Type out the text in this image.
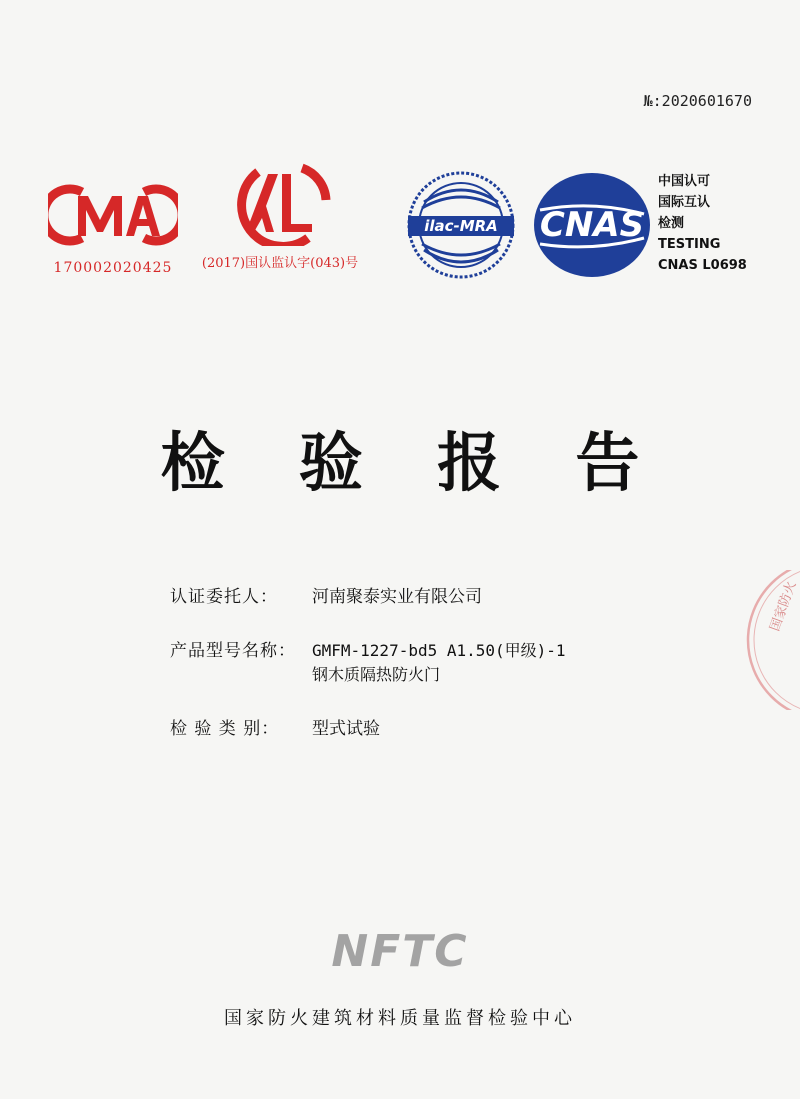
№:2020601670
170002020425	(2017)国认监认字(043)号
ilac-MRA CNAS
中国认可
国际互认
检测
TESTING
CNAS L0698
检 验 报 告
认证委托人：	河南聚泰实业有限公司
产品型号名称：	GMFM-1227-bd5 A1.50(甲级)-1
钢木质隔热防火门
检 验 类 别：	型式试验
NFTC
国家防火建筑材料质量监督检验中心
国家防火
